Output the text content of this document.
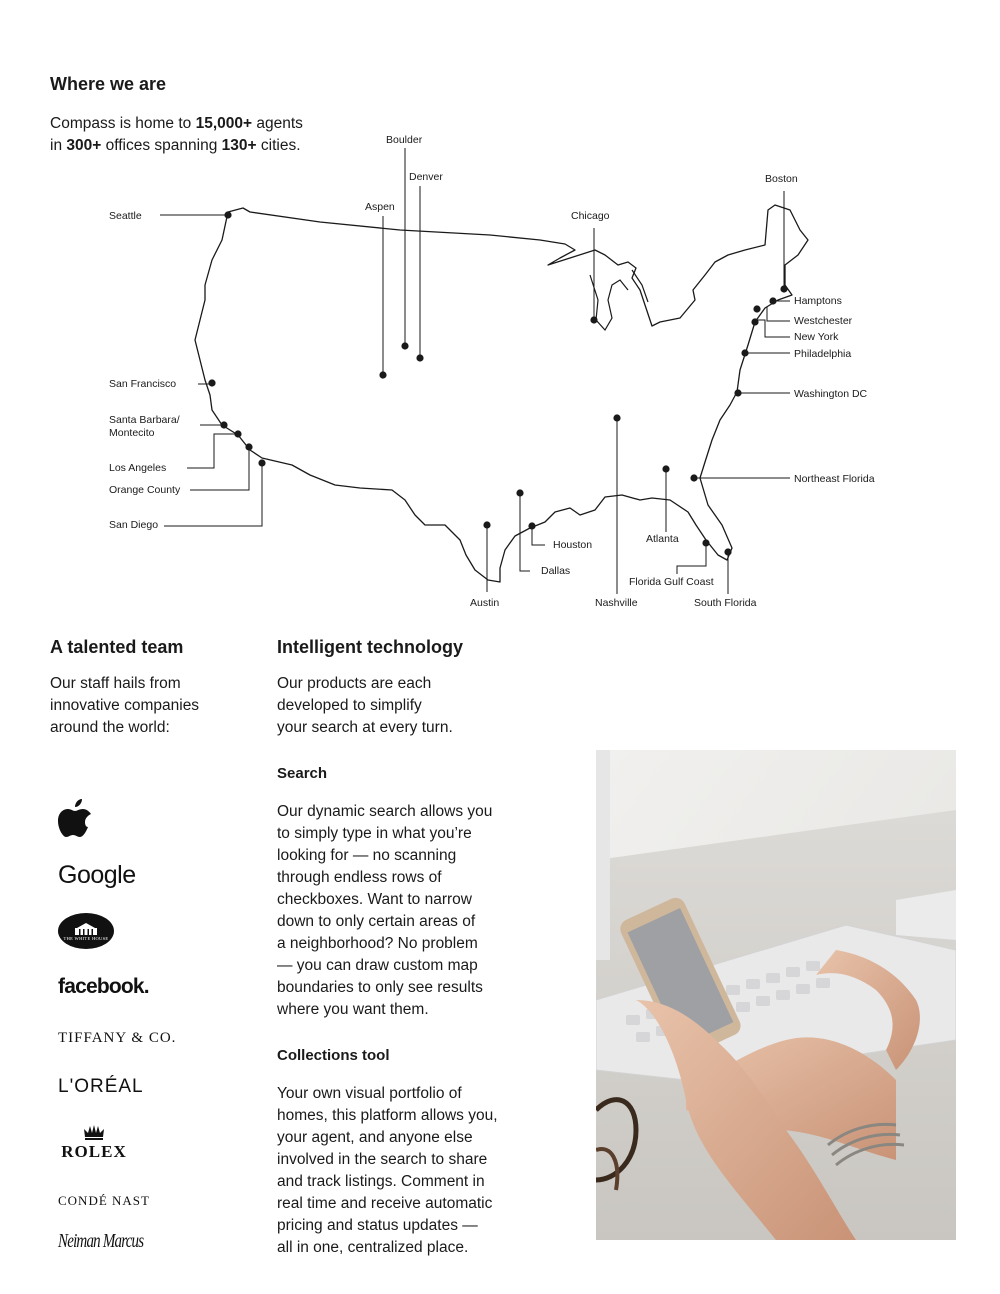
Where we are
Compass is home to 15,000+ agents
in 300+ offices spanning 130+ cities.
Seattle
Boulder
Denver
Aspen
Chicago
Boston
Hamptons
Westchester
New York
Philadelphia
Washington DC
San Francisco
Santa Barbara/
Montecito
Los Angeles
Orange County
San Diego
Northeast Florida
Houston	Atlanta
Dallas
Florida Gulf Coast
Austin	Nashville	South Florida
A talented team
Our staff hails from
innovative companies
around the world:
Google
THE WHITE HOUSE
facebook.
TIFFANY & CO.
L'ORÉAL
ROLEX
CONDÉ NAST
Neiman Marcus
Intelligent technology
Our products are each
developed to simplify
your search at every turn.
Search
Our dynamic search allows you
to simply type in what you’re
looking for — no scanning
through endless rows of
checkboxes. Want to narrow
down to only certain areas of
a neighborhood? No problem
— you can draw custom map
boundaries to only see results
where you want them.
Collections tool
Your own visual portfolio of
homes, this platform allows you,
your agent, and anyone else
involved in the search to share
and track listings. Comment in
real time and receive automatic
pricing and status updates —
all in one, centralized place.
